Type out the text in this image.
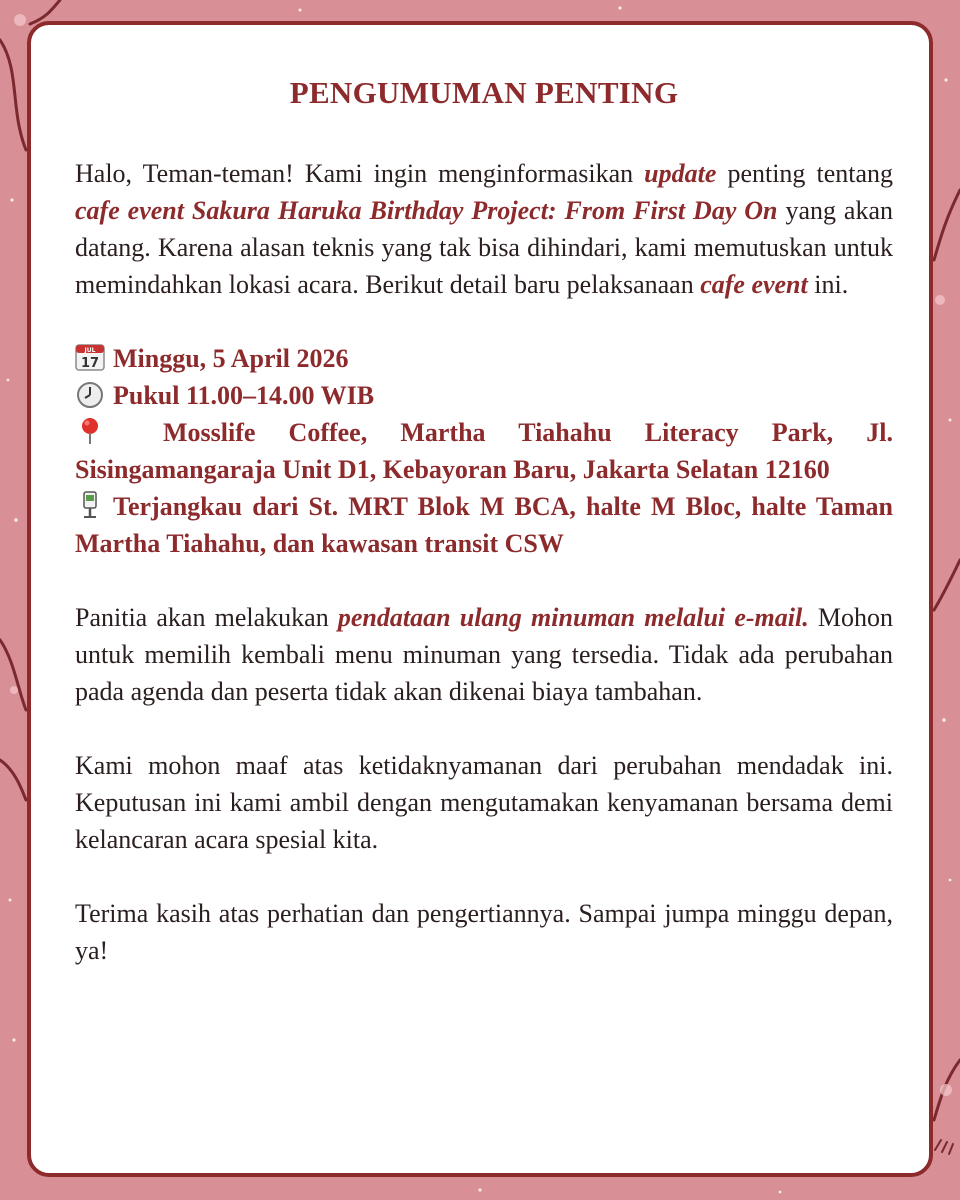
PENGUMUMAN PENTING

Halo, Teman-teman! Kami ingin menginformasikan update penting tentang cafe event Sakura Haruka Birthday Project: From First Day On yang akan datang. Karena alasan teknis yang tak bisa dihindari, kami memutuskan untuk memindahkan lokasi acara. Berikut detail baru pelaksanaan cafe event ini.

JUL
17 Minggu, 5 April 2026
Pukul 11.00–14.00 WIB
Mosslife Coffee, Martha Tiahahu Literacy Park, Jl. Sisingamangaraja Unit D1, Kebayoran Baru, Jakarta Selatan 12160
Terjangkau dari St. MRT Blok M BCA, halte M Bloc, halte Taman Martha Tiahahu, dan kawasan transit CSW

Panitia akan melakukan pendataan ulang minuman melalui e-mail. Mohon untuk memilih kembali menu minuman yang tersedia. Tidak ada perubahan pada agenda dan peserta tidak akan dikenai biaya tambahan.

Kami mohon maaf atas ketidaknyamanan dari perubahan mendadak ini. Keputusan ini kami ambil dengan mengutamakan kenyamanan bersama demi kelancaran acara spesial kita.

Terima kasih atas perhatian dan pengertiannya. Sampai jumpa minggu depan, ya!
